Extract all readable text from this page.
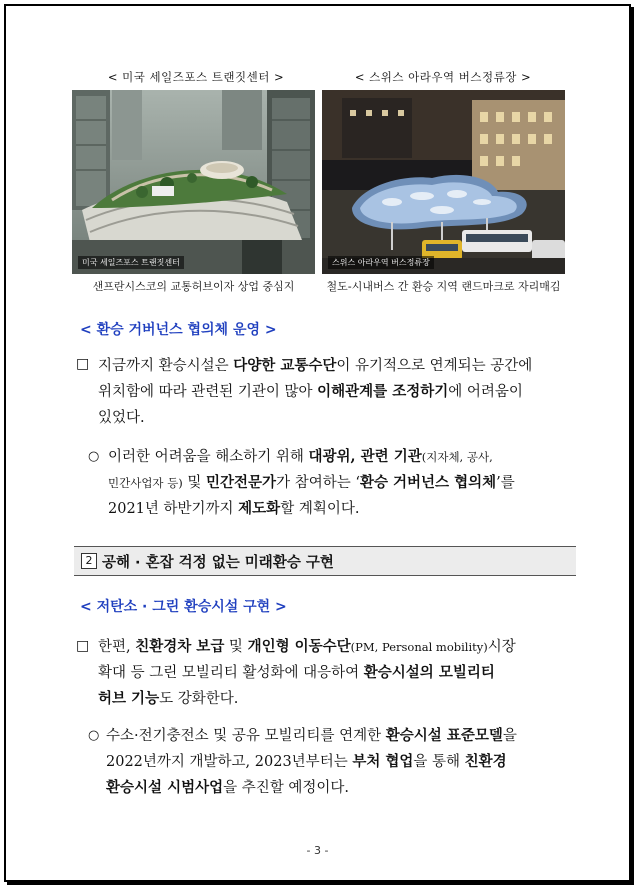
< 미국 세일즈포스 트랜짓센터 >	< 스위스 아라우역 버스정류장 >
미국 세일즈포스 트랜짓센터	스위스 아라우역 버스정류장
샌프란시스코의 교통허브이자 상업 중심지	철도-시내버스 간 환승 지역 랜드마크로 자리매김
< 환승 거버넌스 협의체 운영 >
□ 지금까지 환승시설은 다양한 교통수단이 유기적으로 연계되는 공간에
위치함에 따라 관련된 기관이 많아 이해관계를 조정하기에 어려움이
있었다.
○ 이러한 어려움을 해소하기 위해 대광위, 관련 기관(지자체, 공사,
민간사업자 등) 및 민간전문가가 참여하는 ‘환승 거버넌스 협의체’를
2021년 하반기까지 제도화할 계획이다.
2 공해 · 혼잡 걱정 없는 미래환승 구현
< 저탄소 · 그린 환승시설 구현 >
□ 한편, 친환경차 보급 및 개인형 이동수단(PM, Personal mobility)시장
확대 등 그린 모빌리티 활성화에 대응하여 환승시설의 모빌리티
허브 기능도 강화한다.
○ 수소·전기충전소 및 공유 모빌리티를 연계한 환승시설 표준모델을
2022년까지 개발하고, 2023년부터는 부처 협업을 통해 친환경
환승시설 시범사업을 추진할 예정이다.
- 3 -
